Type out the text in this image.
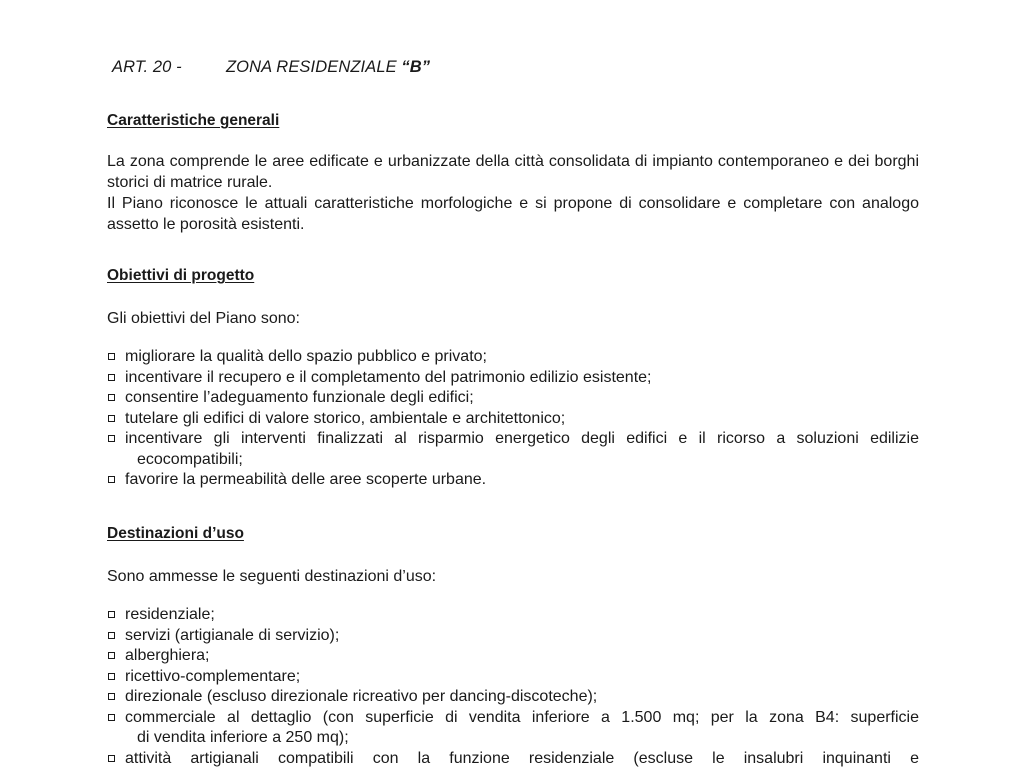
ART. 20 -	ZONA RESIDENZIALE “B”
Caratteristiche generali

La zona comprende le aree edificate e urbanizzate della città consolidata di impianto contemporaneo e dei borghi storici di matrice rurale.

Il Piano riconosce le attuali caratteristiche morfologiche e si propone di consolidare e completare con analogo assetto le porosità esistenti.

Obiettivi di progetto

Gli obiettivi del Piano sono:

migliorare la qualità dello spazio pubblico e privato;
incentivare il recupero e il completamento del patrimonio edilizio esistente;
consentire l’adeguamento funzionale degli edifici;
tutelare gli edifici di valore storico, ambientale e architettonico;
incentivare gli interventi finalizzati al risparmio energetico degli edifici e il ricorso a soluzioni edilizie
ecocompatibili;
favorire la permeabilità delle aree scoperte urbane.
Destinazioni d’uso

Sono ammesse le seguenti destinazioni d’uso:

residenziale;
servizi (artigianale di servizio);
alberghiera;
ricettivo-complementare;
direzionale (escluso direzionale ricreativo per dancing-discoteche);
commerciale al dettaglio (con superficie di vendita inferiore a 1.500 mq; per la zona B4: superficie
di vendita inferiore a 250 mq);
attività artigianali compatibili con la funzione residenziale (escluse le insalubri inquinanti e
